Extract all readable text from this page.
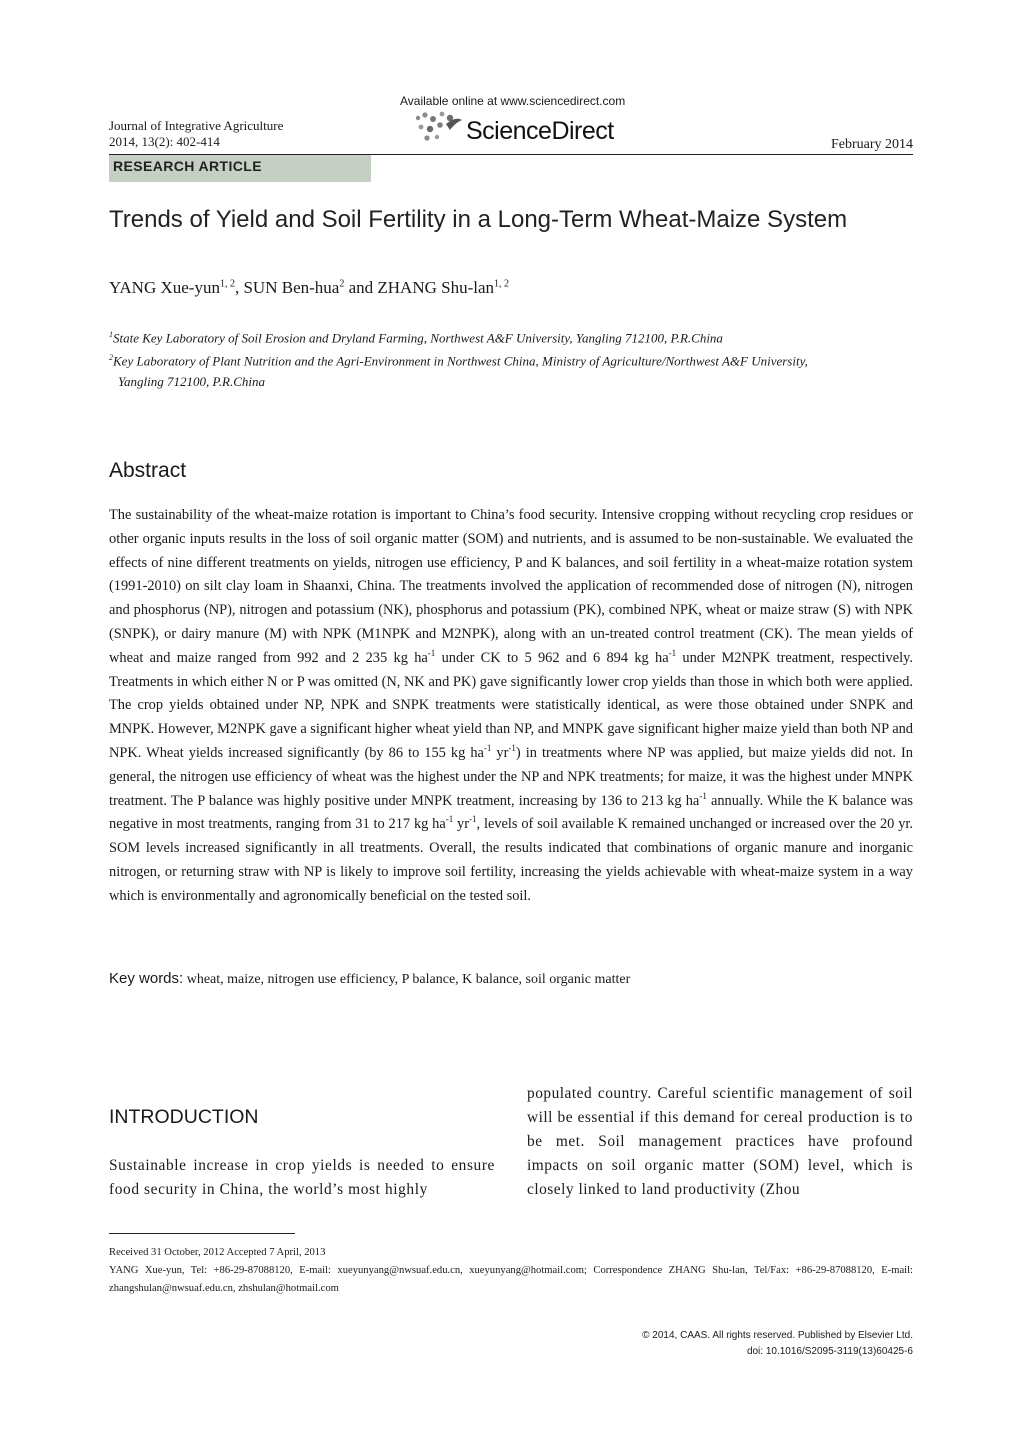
Available online at www.sciencedirect.com
Journal of Integrative Agriculture
2014, 13(2): 402-414	ScienceDirect	February 2014
RESEARCH ARTICLE
Trends of Yield and Soil Fertility in a Long-Term Wheat-Maize System
YANG Xue-yun$^{1, 2}$, SUN Ben-hua$^2$ and ZHANG Shu-lan$^{1, 2}$
$^1$State Key Laboratory of Soil Erosion and Dryland Farming, Northwest A&F University, Yangling 712100, P.R.China
$^2$Key Laboratory of Plant Nutrition and the Agri-Environment in Northwest China, Ministry of Agriculture/Northwest A&F University,
Yangling 712100, P.R.China
Abstract
The sustainability of the wheat-maize rotation is important to China’s food security. Intensive cropping without recycling crop residues or other organic inputs results in the loss of soil organic matter (SOM) and nutrients, and is assumed to be non-sustainable. We evaluated the effects of nine different treatments on yields, nitrogen use efficiency, P and K balances, and soil fertility in a wheat-maize rotation system (1991-2010) on silt clay loam in Shaanxi, China. The treatments involved the application of recommended dose of nitrogen (N), nitrogen and phosphorus (NP), nitrogen and potassium (NK), phosphorus and potassium (PK), combined NPK, wheat or maize straw (S) with NPK (SNPK), or dairy manure (M) with NPK (M1NPK and M2NPK), along with an un-treated control treatment (CK). The mean yields of wheat and maize ranged from 992 and 2 235 kg $ha^{-1}$ under CK to 5 962 and 6 894 kg $ha^{-1}$ under M2NPK treatment, respectively. Treatments in which either N or P was omitted (N, NK and PK) gave significantly lower crop yields than those in which both were applied. The crop yields obtained under NP, NPK and SNPK treatments were statistically identical, as were those obtained under SNPK and MNPK. However, M2NPK gave a significant higher wheat yield than NP, and MNPK gave significant higher maize yield than both NP and NPK. Wheat yields increased significantly (by 86 to 155 kg $ha^{-1}$ $yr^{-1}$) in treatments where NP was applied, but maize yields did not. In general, the nitrogen use efficiency of wheat was the highest under the NP and NPK treatments; for maize, it was the highest under MNPK treatment. The P balance was highly positive under MNPK treatment, increasing by 136 to 213 kg $ha^{-1}$ annually. While the K balance was negative in most treatments, ranging from 31 to 217 kg $ha^{-1}$ $yr^{-1}$, levels of soil available K remained unchanged or increased over the 20 yr. SOM levels increased significantly in all treatments. Overall, the results indicated that combinations of organic manure and inorganic nitrogen, or returning straw with NP is likely to improve soil fertility, increasing the yields achievable with wheat-maize system in a way which is environmentally and agronomically beneficial on the tested soil.
Key words: wheat, maize, nitrogen use efficiency, P balance, K balance, soil organic matter
INTRODUCTION
Sustainable increase in crop yields is needed to ensure food security in China, the world’s most highly
populated country. Careful scientific management of soil will be essential if this demand for cereal production is to be met. Soil management practices have profound impacts on soil organic matter (SOM) level, which is closely linked to land productivity (Zhou
Received 31 October, 2012 Accepted 7 April, 2013
YANG Xue-yun, Tel: +86-29-87088120, E-mail: xueyunyang@nwsuaf.edu.cn, xueyunyang@hotmail.com; Correspondence ZHANG Shu-lan, Tel/Fax: +86-29-87088120, E-mail: zhangshulan@nwsuaf.edu.cn, zhshulan@hotmail.com
© 2014, CAAS. All rights reserved. Published by Elsevier Ltd.
doi: 10.1016/S2095-3119(13)60425-6
